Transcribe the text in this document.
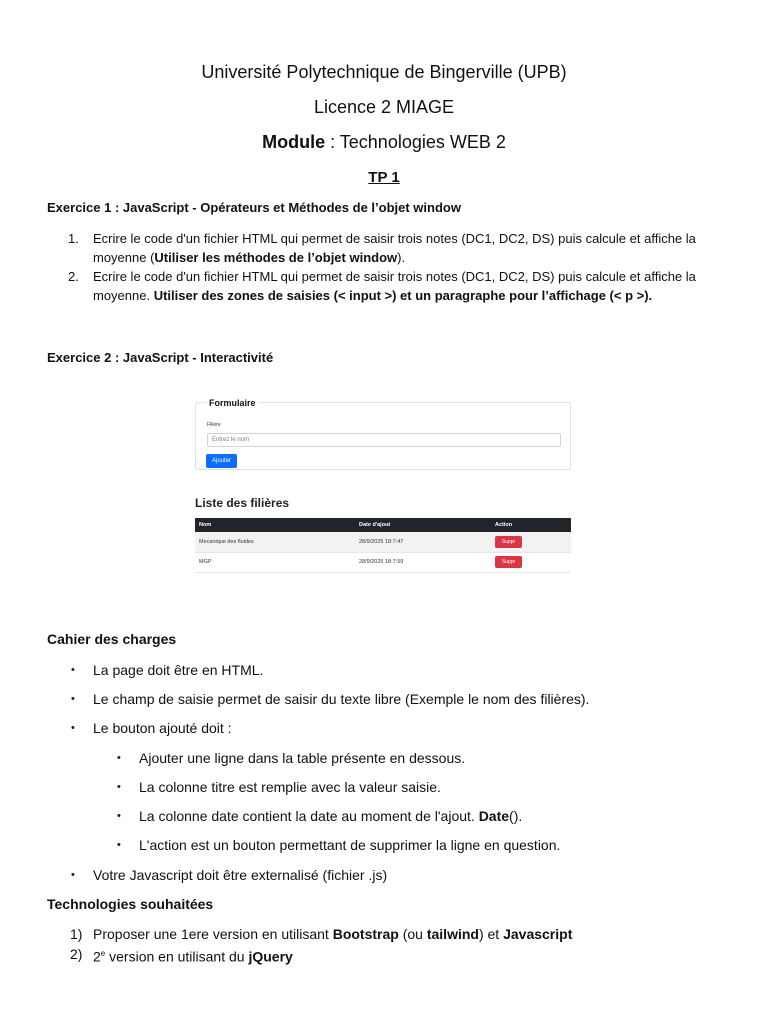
Université Polytechnique de Bingerville (UPB)
Licence 2 MIAGE
Module : Technologies WEB 2
TP 1
Exercice 1 : JavaScript - Opérateurs et Méthodes de l’objet window
1. Ecrire le code d'un fichier HTML qui permet de saisir trois notes (DC1, DC2, DS) puis calcule et affiche la
moyenne (Utiliser les méthodes de l’objet window).
2. Ecrire le code d'un fichier HTML qui permet de saisir trois notes (DC1, DC2, DS) puis calcule et affiche la
moyenne. Utiliser des zones de saisies (< input >) et un paragraphe pour l’affichage (< p >).
Exercice 2 : JavaScript - Interactivité
Formulaire
Filière
Entrez le nom
Ajouter
Liste des filières
Nom	Date d'ajout	Action
Mecanique des fluides	28/9/2025 18:7:47	Suppr
MGP	28/9/2025 18:7:59	Suppr
Cahier des charges
• La page doit être en HTML.
• Le champ de saisie permet de saisir du texte libre (Exemple le nom des filières).
• Le bouton ajouté doit :
• Ajouter une ligne dans la table présente en dessous.
• La colonne titre est remplie avec la valeur saisie.
• La colonne date contient la date au moment de l'ajout. Date().
• L'action est un bouton permettant de supprimer la ligne en question.
• Votre Javascript doit être externalisé (fichier .js)
Technologies souhaitées
1) Proposer une 1ere version en utilisant Bootstrap (ou tailwind) et Javascript
2) 2e version en utilisant du jQuery
